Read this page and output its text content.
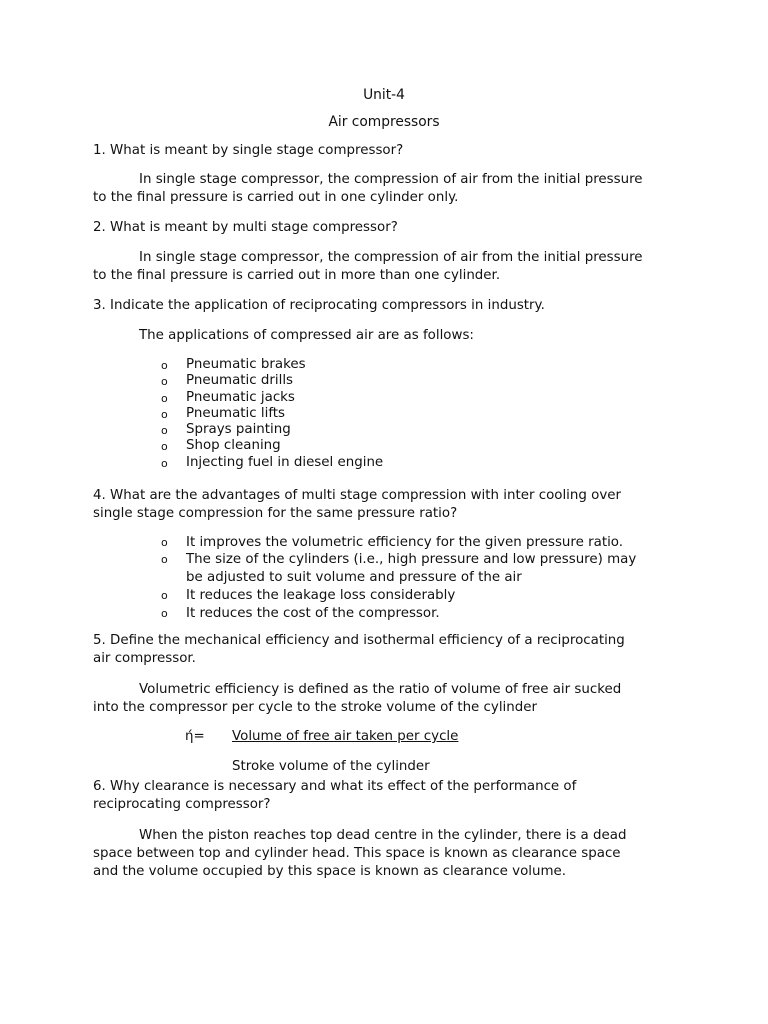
Unit-4
Air compressors
1. What is meant by single stage compressor?
In single stage compressor, the compression of air from the initial pressure
to the final pressure is carried out in one cylinder only.
2. What is meant by multi stage compressor?
In single stage compressor, the compression of air from the initial pressure
to the final pressure is carried out in more than one cylinder.
3. Indicate the application of reciprocating compressors in industry.
The applications of compressed air are as follows:
o Pneumatic brakes
o Pneumatic drills
o Pneumatic jacks
o Pneumatic lifts
o Sprays painting
o Shop cleaning
o Injecting fuel in diesel engine
4. What are the advantages of multi stage compression with inter cooling over
single stage compression for the same pressure ratio?
o It improves the volumetric efficiency for the given pressure ratio.
o The size of the cylinders (i.e., high pressure and low pressure) may
be adjusted to suit volume and pressure of the air
o It reduces the leakage loss considerably
o It reduces the cost of the compressor.
5. Define the mechanical efficiency and isothermal efficiency of a reciprocating
air compressor.
Volumetric efficiency is defined as the ratio of volume of free air sucked
into the compressor per cycle to the stroke volume of the cylinder
ή= Volume of free air taken per cycle
Stroke volume of the cylinder
6. Why clearance is necessary and what its effect of the performance of
reciprocating compressor?
When the piston reaches top dead centre in the cylinder, there is a dead
space between top and cylinder head. This space is known as clearance space
and the volume occupied by this space is known as clearance volume.
